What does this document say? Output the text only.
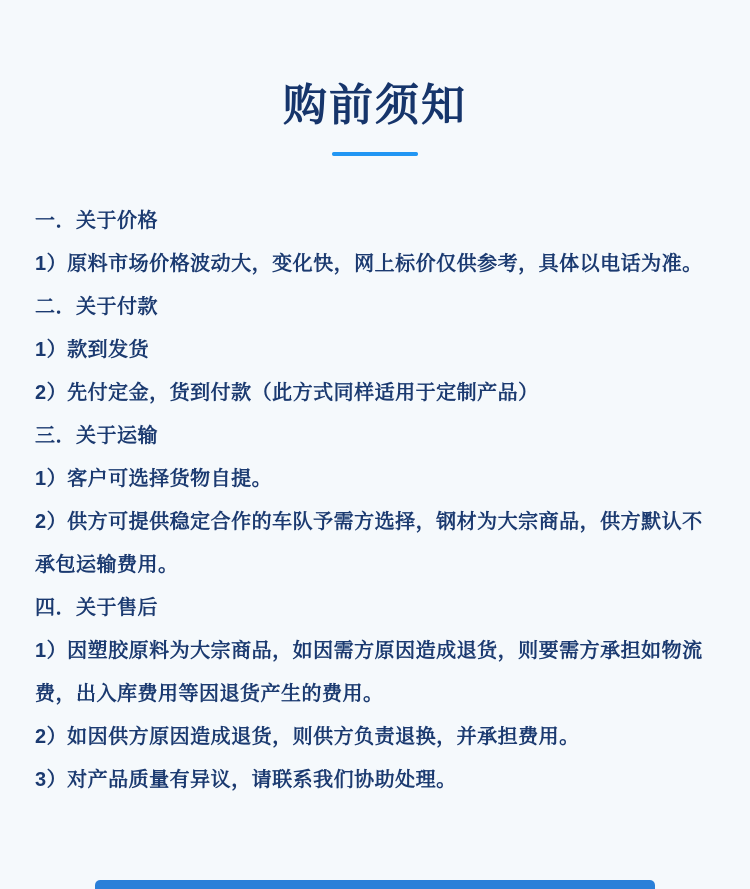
购前须知

一．关于价格

1）原料市场价格波动大，变化快，网上标价仅供参考，具体以电话为准。

二．关于付款

1）款到发货

2）先付定金，货到付款（此方式同样适用于定制产品）

三．关于运输

1）客户可选择货物自提。

2）供方可提供稳定合作的车队予需方选择，钢材为大宗商品，供方默认不承包运输费用。

四．关于售后

1）因塑胶原料为大宗商品，如因需方原因造成退货，则要需方承担如物流费，出入库费用等因退货产生的费用。

2）如因供方原因造成退货，则供方负责退换，并承担费用。

3）对产品质量有异议，请联系我们协助处理。
